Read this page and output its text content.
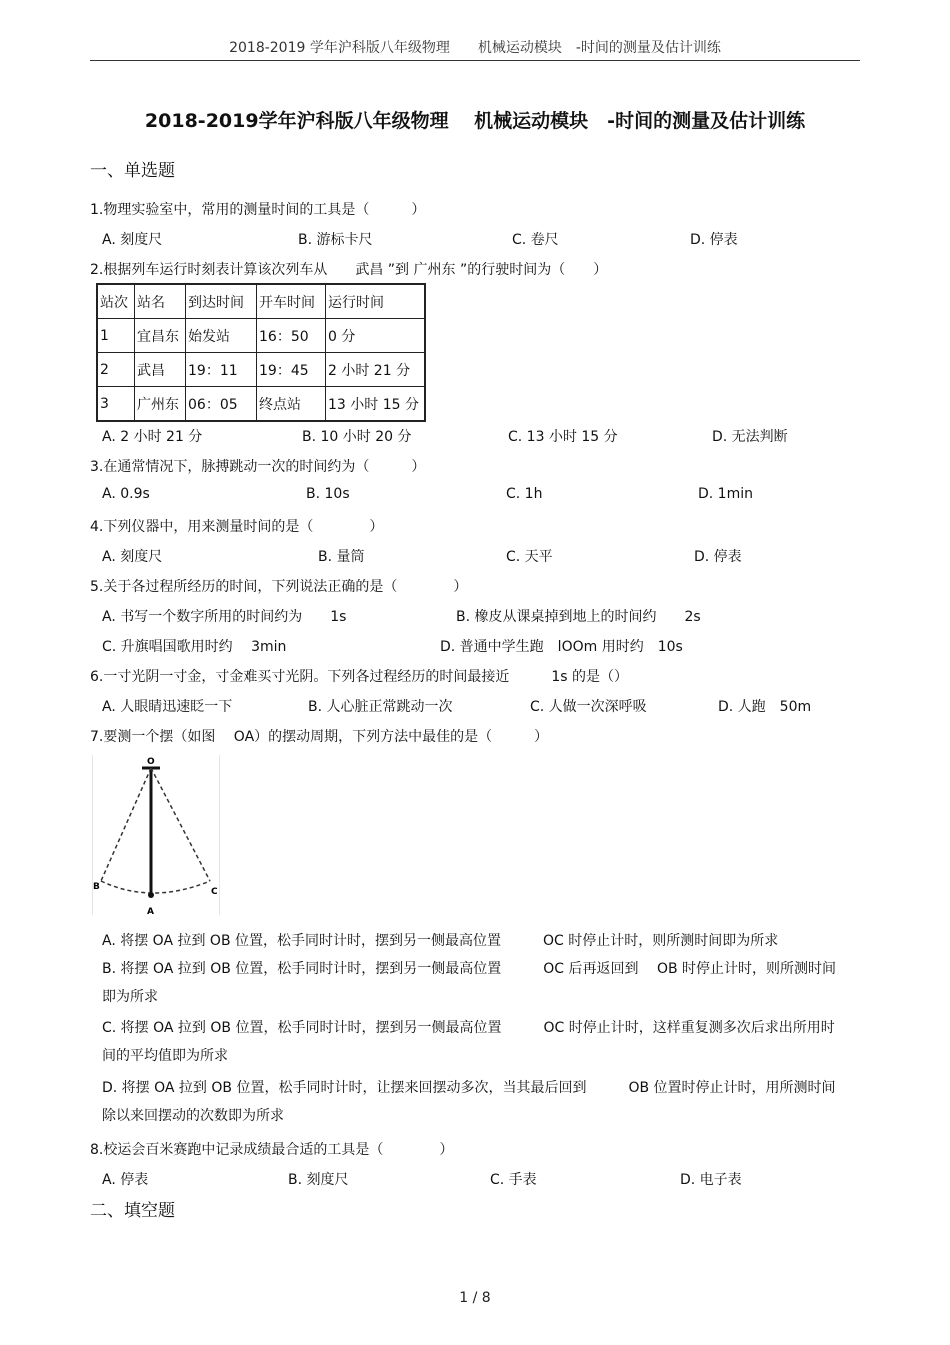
2018-2019 学年沪科版八年级物理　　机械运动模块　-时间的测量及估计训练
2018-2019学年沪科版八年级物理　 机械运动模块　-时间的测量及估计训练
一、单选题
1.物理实验室中，常用的测量时间的工具是（　　　）
A. 刻度尺	B. 游标卡尺	C. 卷尺	D. 停表
2.根据列车运行时刻表计算该次列车从　　武昌 ”到 广州东 ”的行驶时间为（　　）
站次	站名	到达时间	开车时间	运行时间
1	宜昌东	始发站	16：50	0 分
2	武昌	19：11	19：45	2 小时 21 分
3	广州东	06：05	终点站	13 小时 15 分
A. 2 小时 21 分	B. 10 小时 20 分	C. 13 小时 15 分	D. 无法判断
3.在通常情况下，脉搏跳动一次的时间约为（　　　）
A. 0.9s	B. 10s	C. 1h	D. 1min
4.下列仪器中，用来测量时间的是（　　　　）
A. 刻度尺	B. 量筒	C. 天平	D. 停表
5.关于各过程所经历的时间，下列说法正确的是（　　　　）
A. 书写一个数字所用的时间约为　　1s	B. 橡皮从课桌掉到地上的时间约　　2s
C. 升旗唱国歌用时约　 3min	D. 普通中学生跑　lOOm 用时约　10s
6.一寸光阴一寸金，寸金难买寸光阴。下列各过程经历的时间最接近　　　1s 的是（）
A. 人眼睛迅速眨一下	B. 人心脏正常跳动一次	C. 人做一次深呼吸	D. 人跑　50m
7.要测一个摆（如图　 OA）的摆动周期，下列方法中最佳的是（　　　）
O
A
B	C
A. 将摆 OA 拉到 OB 位置，松手同时计时，摆到另一侧最高位置　　　OC 时停止计时，则所测时间即为所求
B. 将摆 OA 拉到 OB 位置，松手同时计时，摆到另一侧最高位置　　　OC 后再返回到　 OB 时停止计时，则所测时间即为所求
C. 将摆 OA 拉到 OB 位置，松手同时计时，摆到另一侧最高位置　　　OC 时停止计时，这样重复测多次后求出所用时间的平均值即为所求
D. 将摆 OA 拉到 OB 位置，松手同时计时，让摆来回摆动多次，当其最后回到　　　OB 位置时停止计时，用所测时间除以来回摆动的次数即为所求
8.校运会百米赛跑中记录成绩最合适的工具是（　　　　）
A. 停表	B. 刻度尺	C. 手表	D. 电子表
二、填空题
1 / 8
